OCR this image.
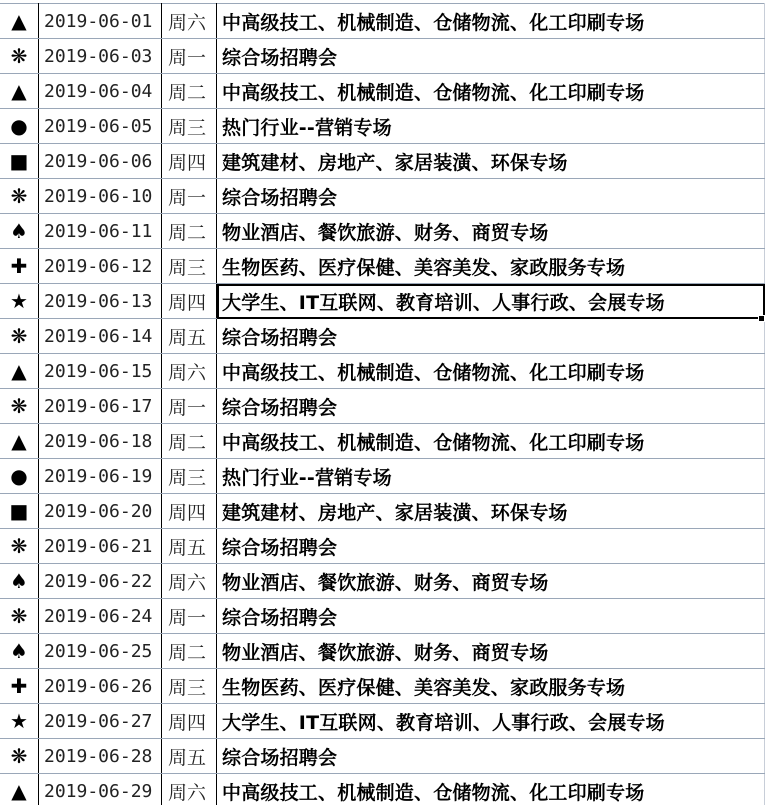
▲	2019-06-01	周六	中高级技工、机械制造、仓储物流、化工印刷专场
❋	2019-06-03	周一	综合场招聘会
▲	2019-06-04	周二	中高级技工、机械制造、仓储物流、化工印刷专场
●	2019-06-05	周三	热门行业--营销专场
■	2019-06-06	周四	建筑建材、房地产、家居装潢、环保专场
❋	2019-06-10	周一	综合场招聘会
♠	2019-06-11	周二	物业酒店、餐饮旅游、财务、商贸专场
✚	2019-06-12	周三	生物医药、医疗保健、美容美发、家政服务专场
★	2019-06-13	周四	大学生、IT互联网、教育培训、人事行政、会展专场
❋	2019-06-14	周五	综合场招聘会
▲	2019-06-15	周六	中高级技工、机械制造、仓储物流、化工印刷专场
❋	2019-06-17	周一	综合场招聘会
▲	2019-06-18	周二	中高级技工、机械制造、仓储物流、化工印刷专场
●	2019-06-19	周三	热门行业--营销专场
■	2019-06-20	周四	建筑建材、房地产、家居装潢、环保专场
❋	2019-06-21	周五	综合场招聘会
♠	2019-06-22	周六	物业酒店、餐饮旅游、财务、商贸专场
❋	2019-06-24	周一	综合场招聘会
♠	2019-06-25	周二	物业酒店、餐饮旅游、财务、商贸专场
✚	2019-06-26	周三	生物医药、医疗保健、美容美发、家政服务专场
★	2019-06-27	周四	大学生、IT互联网、教育培训、人事行政、会展专场
❋	2019-06-28	周五	综合场招聘会
▲	2019-06-29	周六	中高级技工、机械制造、仓储物流、化工印刷专场
